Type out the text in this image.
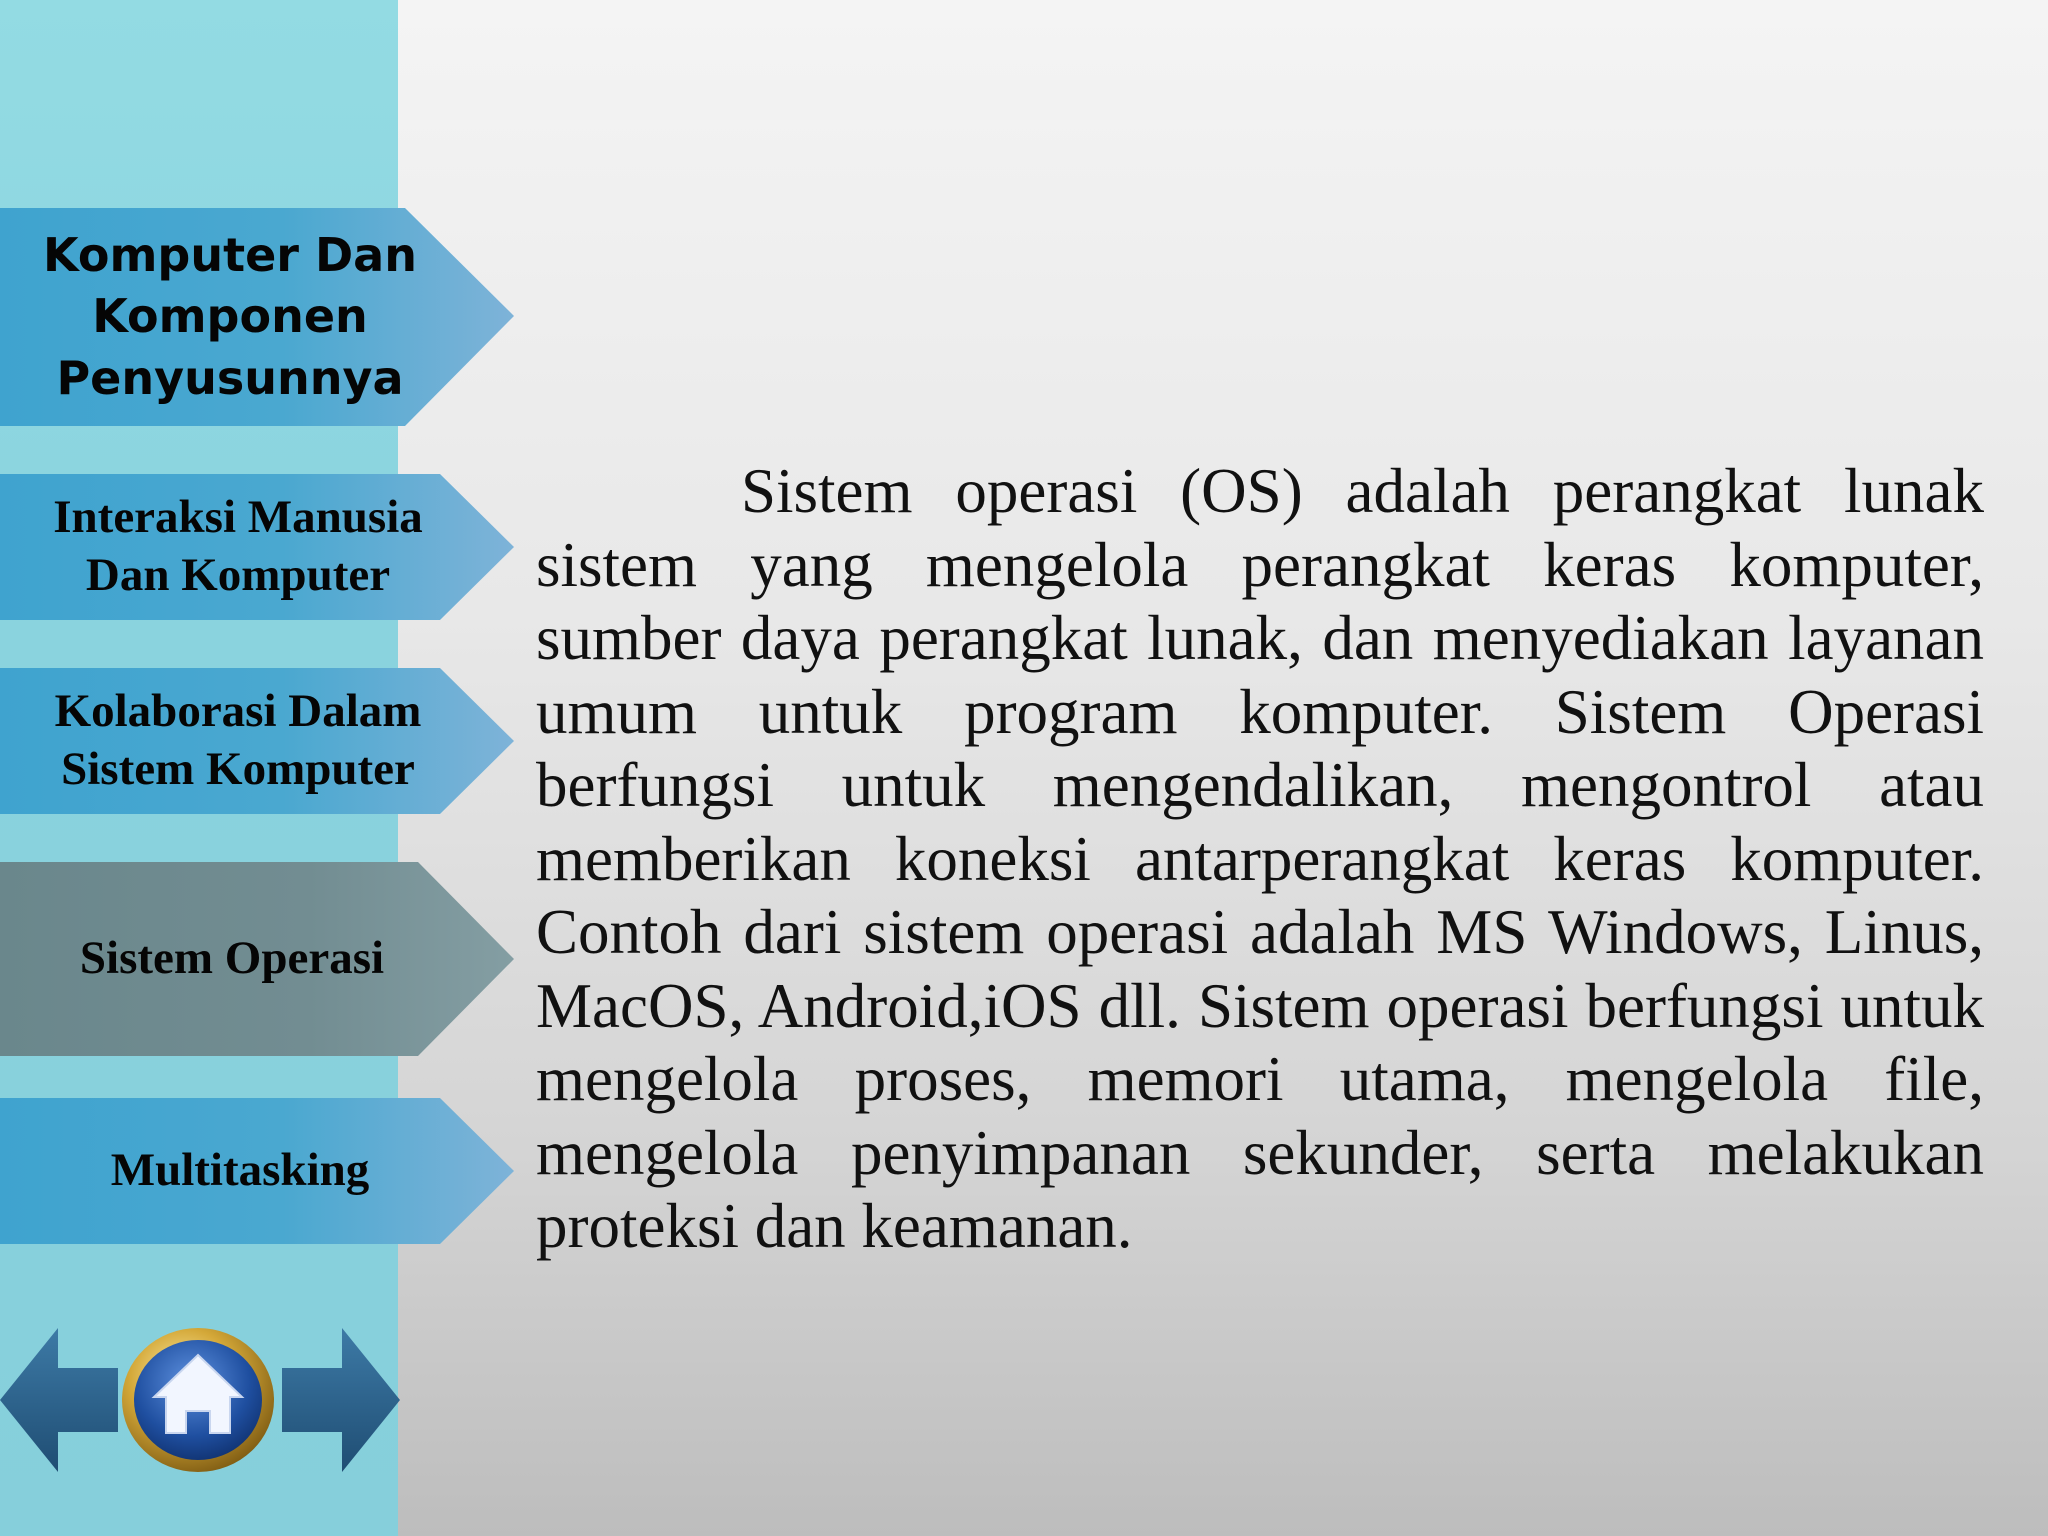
Komputer Dan
Komponen
Penyusunnya
Interaksi Manusia
Dan Komputer
Kolaborasi Dalam
Sistem Komputer
Sistem Operasi
Multitasking

Sistem operasi (OS) adalah perangkat lunak sistem yang mengelola perangkat keras komputer, sumber daya perangkat lunak, dan menyediakan layanan umum untuk program komputer. Sistem Operasi berfungsi untuk mengendalikan, mengontrol atau memberikan koneksi antarperangkat keras komputer. Contoh dari sistem operasi adalah MS Windows, Linus, MacOS, Android,iOS dll. Sistem operasi berfungsi untuk mengelola proses, memori utama, mengelola file, mengelola penyimpanan sekunder, serta melakukan proteksi dan keamanan.
